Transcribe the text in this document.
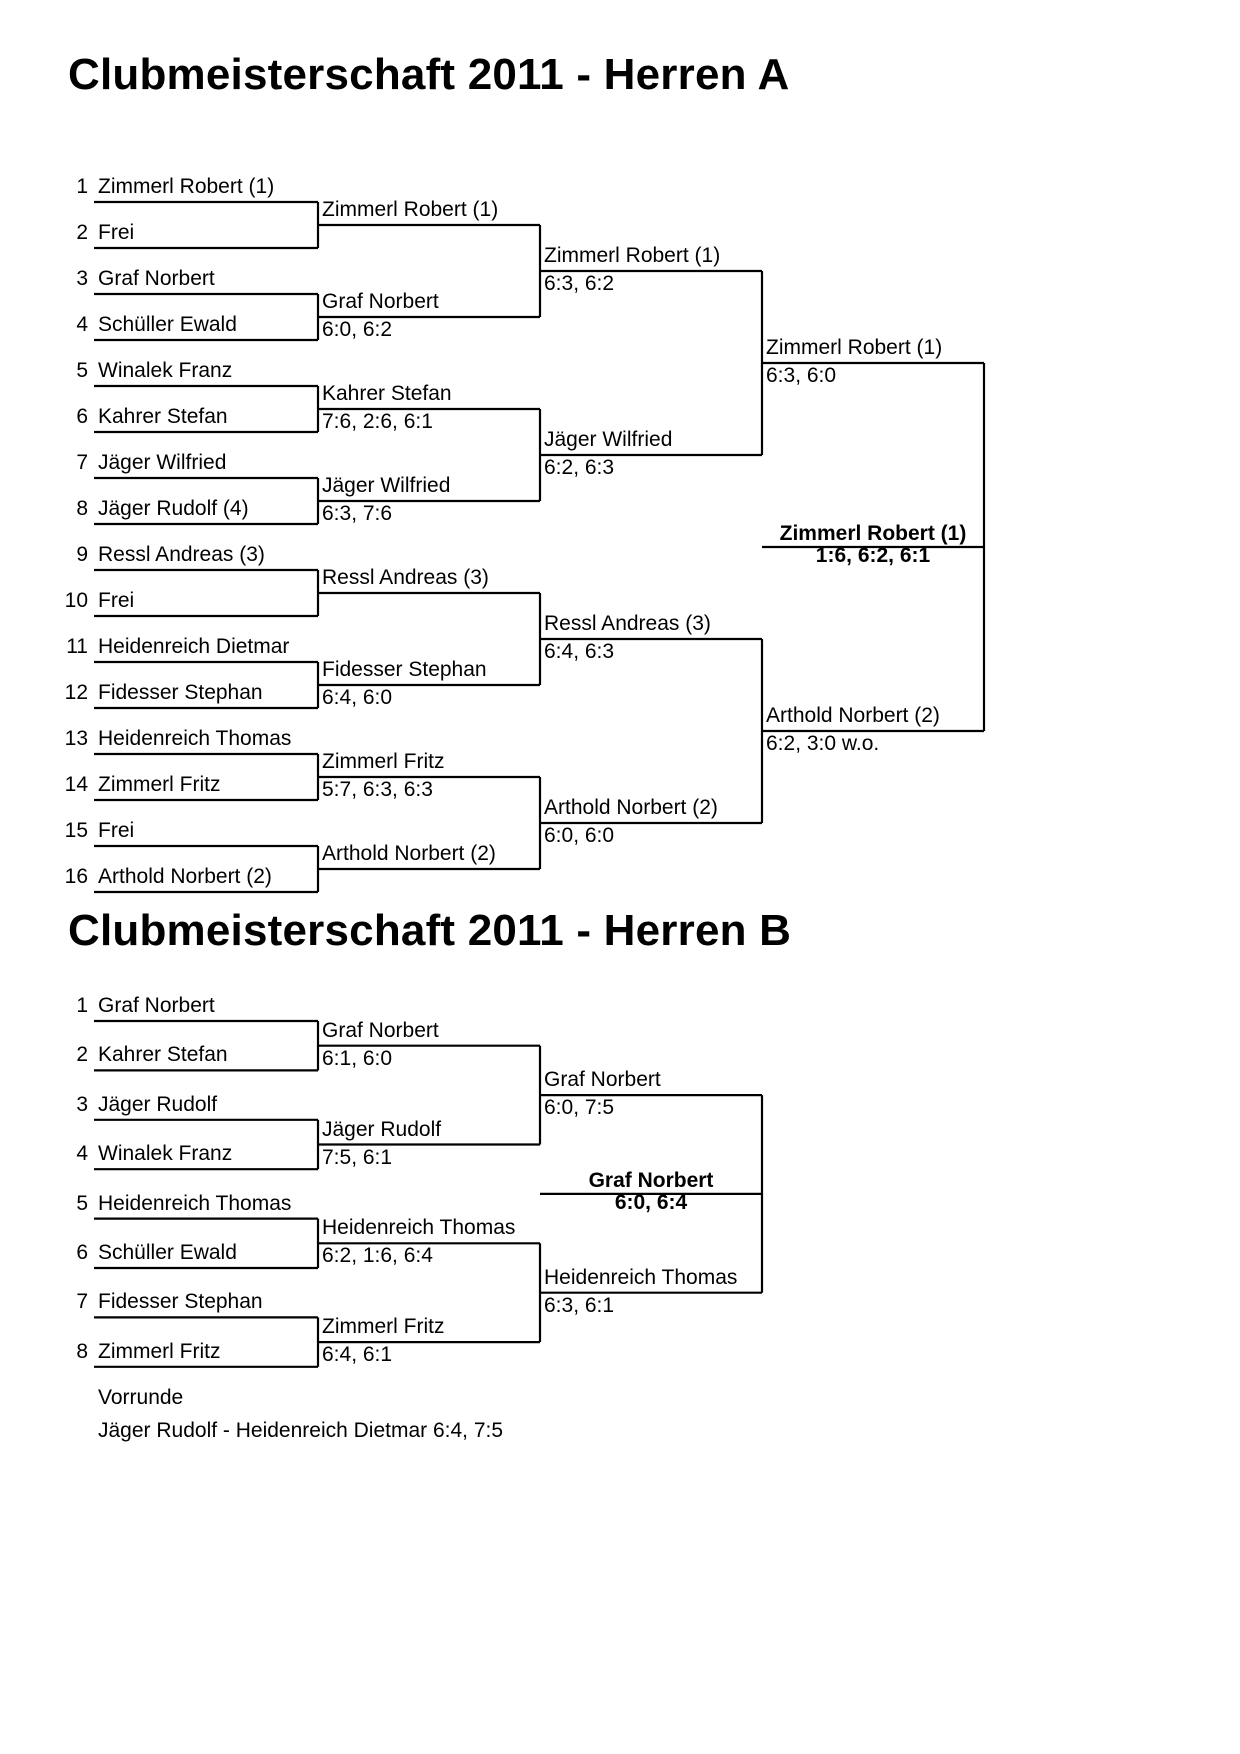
Clubmeisterschaft 2011 - Herren A
Clubmeisterschaft 2011 - Herren B
1 Zimmerl Robert (1)
2 Frei
3 Graf Norbert
4 Schüller Ewald
5 Winalek Franz
6 Kahrer Stefan
7 Jäger Wilfried
8 Jäger Rudolf (4)
9 Ressl Andreas (3)
10 Frei
11 Heidenreich Dietmar
12 Fidesser Stephan
13 Heidenreich Thomas
14 Zimmerl Fritz
15 Frei
16 Arthold Norbert (2)
Zimmerl Robert (1)
Graf Norbert
6:0, 6:2
Kahrer Stefan
7:6, 2:6, 6:1
Jäger Wilfried
6:3, 7:6
Ressl Andreas (3)
Fidesser Stephan
6:4, 6:0
Zimmerl Fritz
5:7, 6:3, 6:3
Arthold Norbert (2)
Zimmerl Robert (1)
6:3, 6:2
Jäger Wilfried
6:2, 6:3
Ressl Andreas (3)
6:4, 6:3
Arthold Norbert (2)
6:0, 6:0
Zimmerl Robert (1)
6:3, 6:0
Arthold Norbert (2)
6:2, 3:0 w.o.
Zimmerl Robert (1)
1:6, 6:2, 6:1
1 Graf Norbert
2 Kahrer Stefan
3 Jäger Rudolf
4 Winalek Franz
5 Heidenreich Thomas
6 Schüller Ewald
7 Fidesser Stephan
8 Zimmerl Fritz
Graf Norbert
6:1, 6:0
Jäger Rudolf
7:5, 6:1
Heidenreich Thomas
6:2, 1:6, 6:4
Zimmerl Fritz
6:4, 6:1
Graf Norbert
6:0, 7:5
Heidenreich Thomas
6:3, 6:1
Graf Norbert
6:0, 6:4
Vorrunde
Jäger Rudolf - Heidenreich Dietmar 6:4, 7:5
